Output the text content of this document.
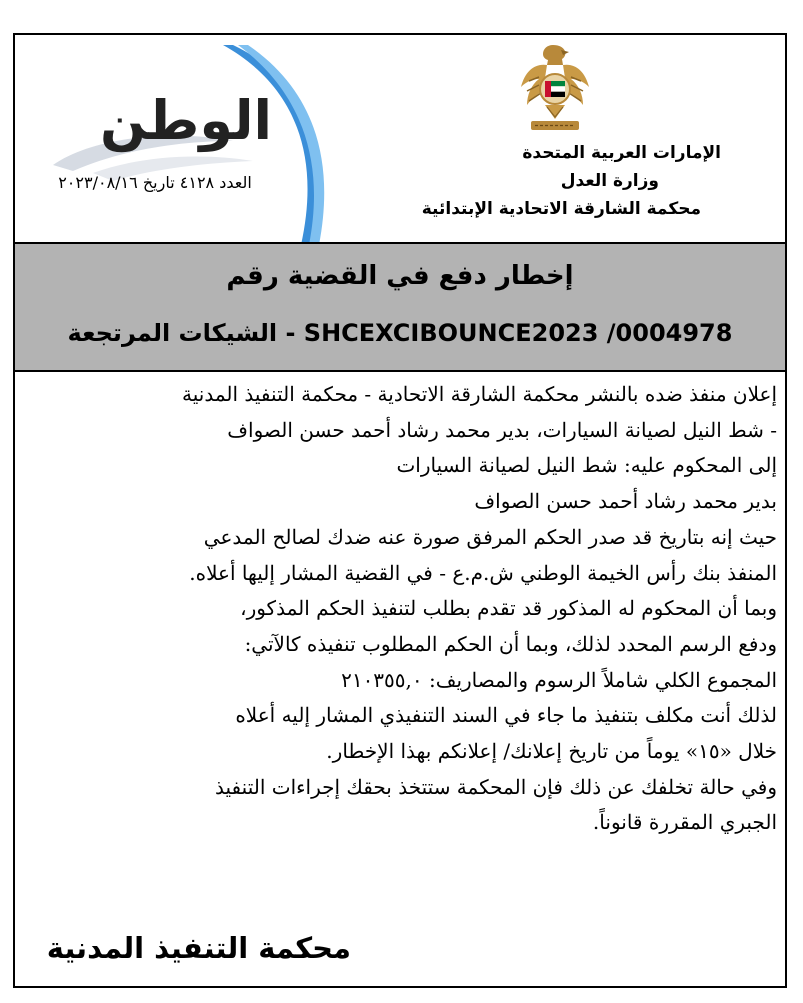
الإمارات العربية المتحدة
وزارة العدل
محكمة الشارقة الاتحادية الإبتدائية
الوطن
العدد ٤١٢٨ تاريخ ٢٠٢٣/٠٨/١٦
إخطار دفع في القضية رقم
SHCEXCIBOUNCE2023 /0004978 - الشيكات المرتجعة

إعلان منفذ ضده بالنشر محكمة الشارقة الاتحادية - محكمة التنفيذ المدنية

- شط النيل لصيانة السيارات، بدير محمد رشاد أحمد حسن الصواف

إلى المحكوم عليه: شط النيل لصيانة السيارات

بدير محمد رشاد أحمد حسن الصواف

حيث إنه بتاريخ قد صدر الحكم المرفق صورة عنه ضدك لصالح المدعي

المنفذ بنك رأس الخيمة الوطني ش.م.ع - في القضية المشار إليها أعلاه.

وبما أن المحكوم له المذكور قد تقدم بطلب لتنفيذ الحكم المذكور،

ودفع الرسم المحدد لذلك، وبما أن الحكم المطلوب تنفيذه كالآتي:

المجموع الكلي شاملاً الرسوم والمصاريف: ٢١٠٣٥٥,٠

لذلك أنت مكلف بتنفيذ ما جاء في السند التنفيذي المشار إليه أعلاه

خلال «١٥» يوماً من تاريخ إعلانك/ إعلانكم بهذا الإخطار.

وفي حالة تخلفك عن ذلك فإن المحكمة ستتخذ بحقك إجراءات التنفيذ

الجبري المقررة قانوناً.

محكمة التنفيذ المدنية
